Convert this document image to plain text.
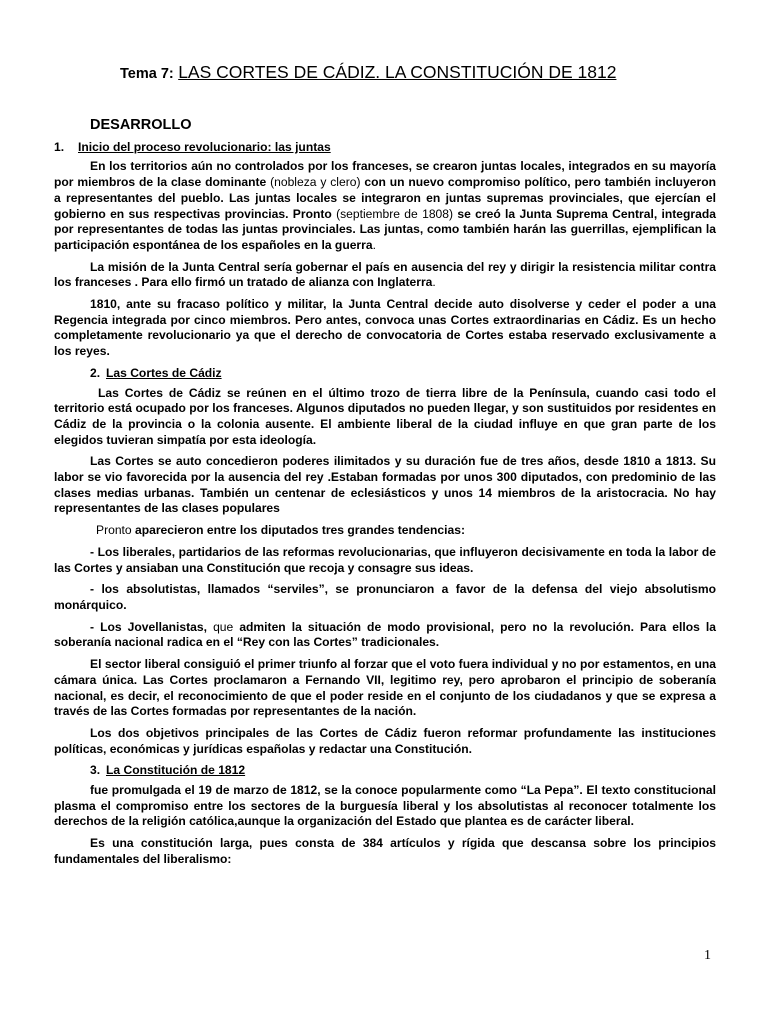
Tema 7: LAS CORTES DE CÁDIZ. LA CONSTITUCIÓN DE 1812
DESARROLLO
1. Inicio del proceso revolucionario: las juntas

En los territorios aún no controlados por los franceses, se crearon juntas locales, integrados en su mayoría por miembros de la clase dominante (nobleza y clero) con un nuevo compromiso político, pero también incluyeron a representantes del pueblo. Las juntas locales se integraron en juntas supremas provinciales, que ejercían el gobierno en sus respectivas provincias. Pronto (septiembre de 1808) se creó la Junta Suprema Central, integrada por representantes de todas las juntas provinciales. Las juntas, como también harán las guerrillas, ejemplifican la participación espontánea de los españoles en la guerra.

La misión de la Junta Central sería gobernar el país en ausencia del rey y dirigir la resistencia militar contra los franceses . Para ello firmó un tratado de alianza con Inglaterra.

1810, ante su fracaso político y militar, la Junta Central decide auto disolverse y ceder el poder a una Regencia integrada por cinco miembros. Pero antes, convoca unas Cortes extraordinarias en Cádiz. Es un hecho completamente revolucionario ya que el derecho de convocatoria de Cortes estaba reservado exclusivamente a los reyes.

2. Las Cortes de Cádiz

Las Cortes de Cádiz se reúnen en el último trozo de tierra libre de la Península, cuando casi todo el territorio está ocupado por los franceses. Algunos diputados no pueden llegar, y son sustituidos por residentes en Cádiz de la provincia o la colonia ausente. El ambiente liberal de la ciudad influye en que gran parte de los elegidos tuvieran simpatía por esta ideología.

Las Cortes se auto concedieron poderes ilimitados y su duración fue de tres años, desde 1810 a 1813. Su labor se vio favorecida por la ausencia del rey .Estaban formadas por unos 300 diputados, con predominio de las clases medias urbanas. También un centenar de eclesiásticos y unos 14 miembros de la aristocracia. No hay representantes de las clases populares

Pronto aparecieron entre los diputados tres grandes tendencias:

- Los liberales, partidarios de las reformas revolucionarias, que influyeron decisivamente en toda la labor de las Cortes y ansiaban una Constitución que recoja y consagre sus ideas.

- los absolutistas, llamados “serviles”, se pronunciaron a favor de la defensa del viejo absolutismo monárquico.

- Los Jovellanistas, que admiten la situación de modo provisional, pero no la revolución. Para ellos la soberanía nacional radica en el “Rey con las Cortes” tradicionales.

El sector liberal consiguió el primer triunfo al forzar que el voto fuera individual y no por estamentos, en una cámara única. Las Cortes proclamaron a Fernando VII, legitimo rey, pero aprobaron el principio de soberanía nacional, es decir, el reconocimiento de que el poder reside en el conjunto de los ciudadanos y que se expresa a través de las Cortes formadas por representantes de la nación.

Los dos objetivos principales de las Cortes de Cádiz fueron reformar profundamente las instituciones políticas, económicas y jurídicas españolas y redactar una Constitución.

3. La Constitución de 1812

fue promulgada el 19 de marzo de 1812, se la conoce popularmente como “La Pepa”. El texto constitucional plasma el compromiso entre los sectores de la burguesía liberal y los absolutistas al reconocer totalmente los derechos de la religión católica,aunque la organización del Estado que plantea es de carácter liberal.

Es una constitución larga, pues consta de 384 artículos y rígida que descansa sobre los principios fundamentales del liberalismo:

1
